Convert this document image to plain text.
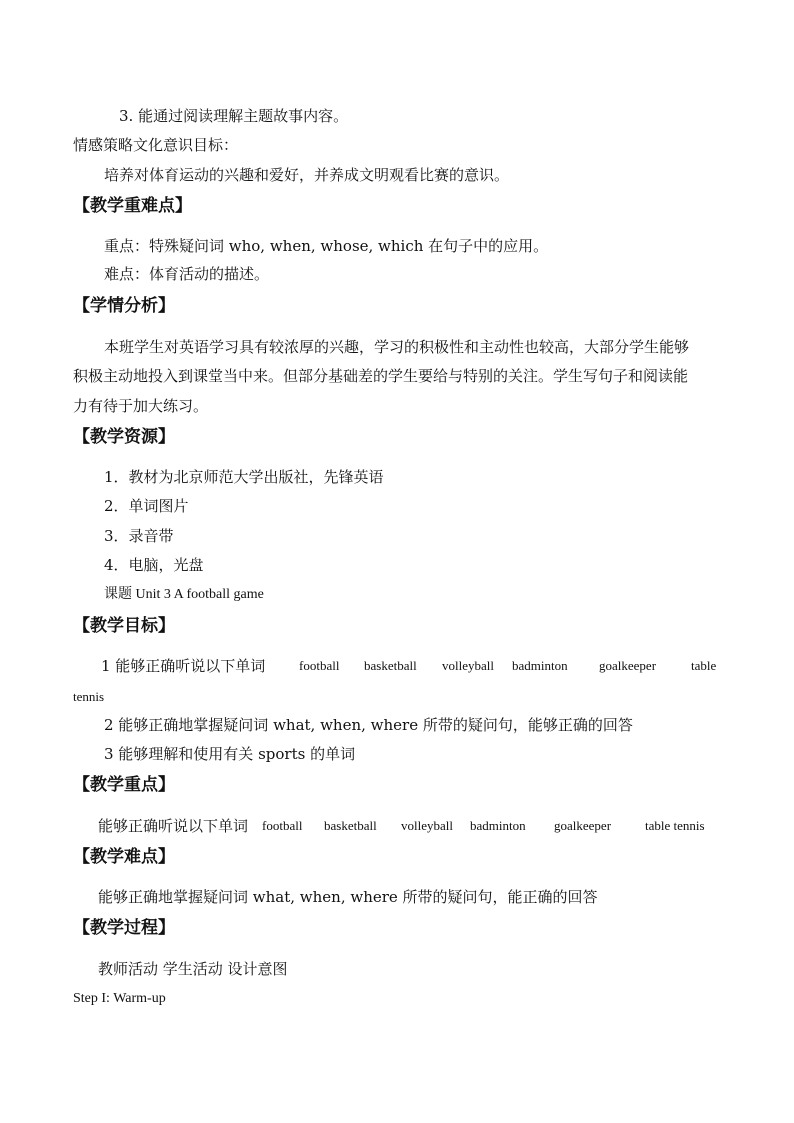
3. 能通过阅读理解主题故事内容。
情感策略文化意识目标：
培养对体育运动的兴趣和爱好，并养成文明观看比赛的意识。
【教学重难点】
重点：特殊疑问词 who, when, whose, which 在句子中的应用。
难点：体育活动的描述。
【学情分析】
本班学生对英语学习具有较浓厚的兴趣，学习的积极性和主动性也较高，大部分学生能够
积极主动地投入到课堂当中来。但部分基础差的学生要给与特别的关注。学生写句子和阅读能
力有待于加大练习。
【教学资源】
1．教材为北京师范大学出版社，先锋英语
2．单词图片
3．录音带
4．电脑，光盘
课题 Unit 3 A football game
【教学目标】
1 能够正确听说以下单词	football basketball volleyball badminton goalkeeper	table
tennis
2 能够正确地掌握疑问词 what, when, where 所带的疑问句，能够正确的回答
3 能够理解和使用有关 sports 的单词
【教学重点】
能够正确听说以下单词 football basketball volleyball badminton goalkeeper	table tennis
【教学难点】
能够正确地掌握疑问词 what, when, where 所带的疑问句，能正确的回答
【教学过程】
教师活动 学生活动 设计意图
Step I: Warm-up
